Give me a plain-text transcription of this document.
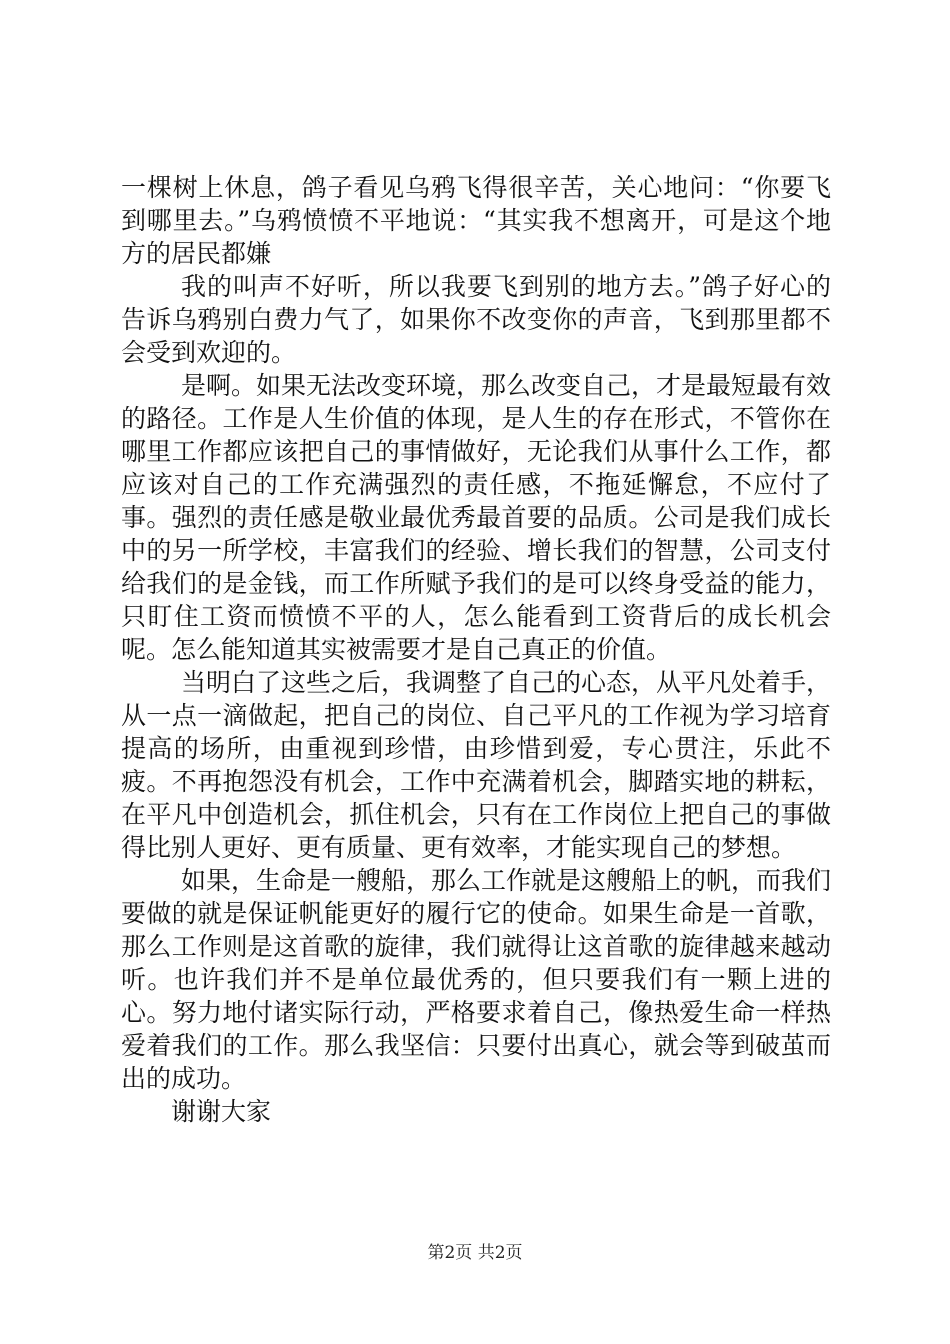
一棵树上休息，鸽子看见乌鸦飞得很辛苦，关心地问：“你要飞到哪里去。”乌鸦愤愤不平地说：“其实我不想离开，可是这个地方的居民都嫌

我的叫声不好听，所以我要飞到别的地方去。”鸽子好心的告诉乌鸦别白费力气了，如果你不改变你的声音，飞到那里都不会受到欢迎的。

是啊。如果无法改变环境，那么改变自己，才是最短最有效的路径。工作是人生价值的体现，是人生的存在形式，不管你在哪里工作都应该把自己的事情做好，无论我们从事什么工作，都应该对自己的工作充满强烈的责任感，不拖延懈怠，不应付了事。强烈的责任感是敬业最优秀最首要的品质。公司是我们成长中的另一所学校，丰富我们的经验、增长我们的智慧，公司支付给我们的是金钱，而工作所赋予我们的是可以终身受益的能力，只盯住工资而愤愤不平的人，怎么能看到工资背后的成长机会呢。怎么能知道其实被需要才是自己真正的价值。

当明白了这些之后，我调整了自己的心态，从平凡处着手，从一点一滴做起，把自己的岗位、自己平凡的工作视为学习培育提高的场所，由重视到珍惜，由珍惜到爱，专心贯注，乐此不疲。不再抱怨没有机会，工作中充满着机会，脚踏实地的耕耘，在平凡中创造机会，抓住机会，只有在工作岗位上把自己的事做得比别人更好、更有质量、更有效率，才能实现自己的梦想。

如果，生命是一艘船，那么工作就是这艘船上的帆，而我们要做的就是保证帆能更好的履行它的使命。如果生命是一首歌，那么工作则是这首歌的旋律，我们就得让这首歌的旋律越来越动听。也许我们并不是单位最优秀的，但只要我们有一颗上进的心。努力地付诸实际行动，严格要求着自己，像热爱生命一样热爱着我们的工作。那么我坚信：只要付出真心，就会等到破茧而出的成功。

谢谢大家

第2页 共2页
